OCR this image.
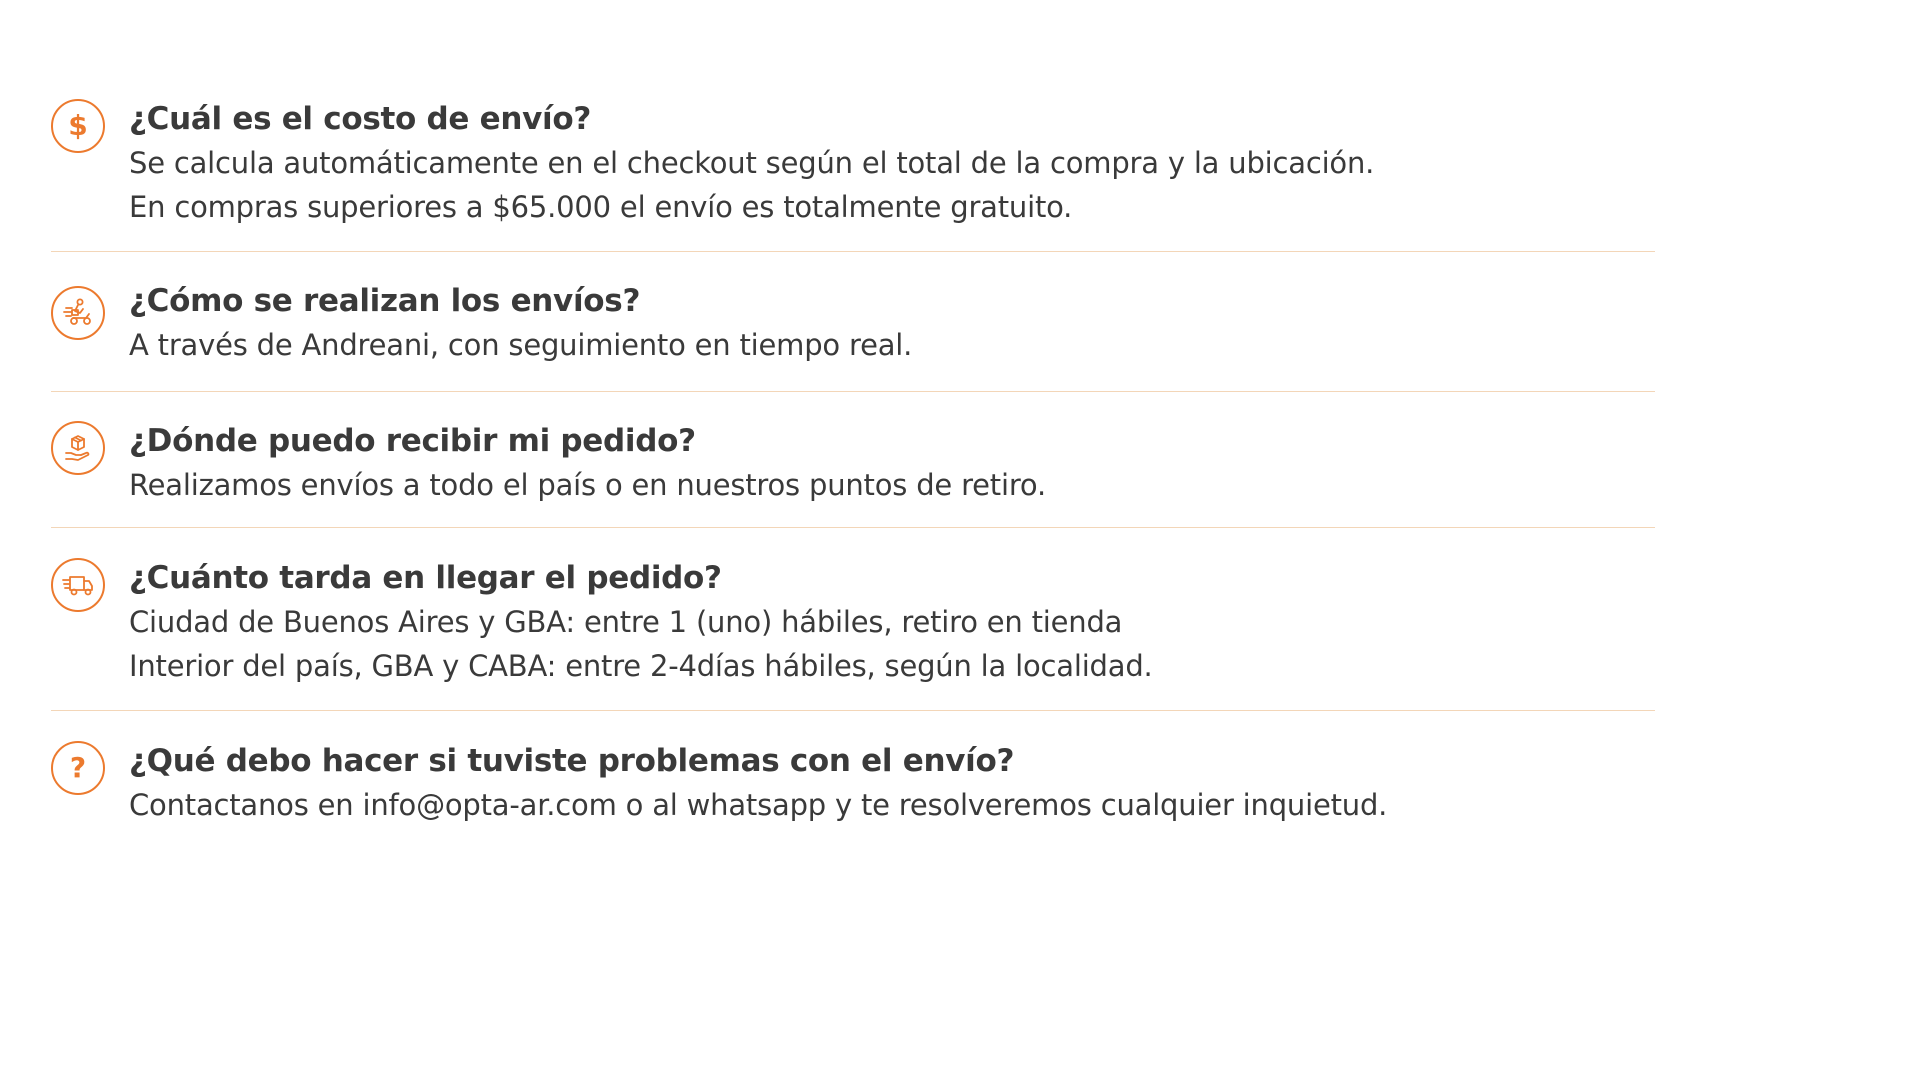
$ ¿Cuál es el costo de envío?
Se calcula automáticamente en el checkout según el total de la compra y la ubicación.
En compras superiores a $65.000 el envío es totalmente gratuito.
¿Cómo se realizan los envíos?
A través de Andreani, con seguimiento en tiempo real.
¿Dónde puedo recibir mi pedido?
Realizamos envíos a todo el país o en nuestros puntos de retiro.
¿Cuánto tarda en llegar el pedido?
Ciudad de Buenos Aires y GBA: entre 1 (uno) hábiles, retiro en tienda
Interior del país, GBA y CABA: entre 2-4días hábiles, según la localidad.
? ¿Qué debo hacer si tuviste problemas con el envío?
Contactanos en info@opta-ar.com o al whatsapp y te resolveremos cualquier inquietud.
